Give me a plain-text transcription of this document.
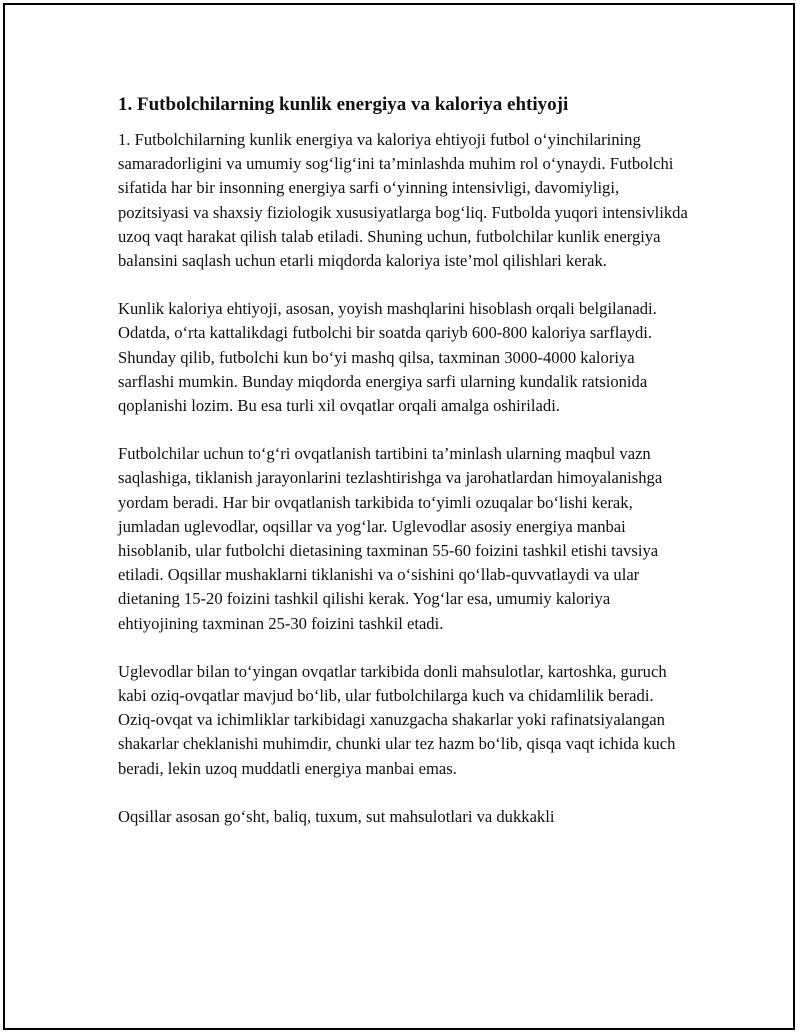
1. Futbolchilarning kunlik energiya va kaloriya ehtiyoji

1. Futbolchilarning kunlik energiya va kaloriya ehtiyoji futbol o‘yinchilarining samaradorligini va umumiy sog‘lig‘ini ta’minlashda muhim rol o‘ynaydi. Futbolchi sifatida har bir insonning energiya sarfi o‘yinning intensivligi, davomiyligi, pozitsiyasi va shaxsiy fiziologik xususiyatlarga bog‘liq. Futbolda yuqori intensivlikda uzoq vaqt harakat qilish talab etiladi. Shuning uchun, futbolchilar kunlik energiya balansini saqlash uchun etarli miqdorda kaloriya iste’mol qilishlari kerak.

Kunlik kaloriya ehtiyoji, asosan, yoyish mashqlarini hisoblash orqali belgilanadi. Odatda, o‘rta kattalikdagi futbolchi bir soatda qariyb 600-800 kaloriya sarflaydi. Shunday qilib, futbolchi kun bo‘yi mashq qilsa, taxminan 3000-4000 kaloriya sarflashi mumkin. Bunday miqdorda energiya sarfi ularning kundalik ratsionida qoplanishi lozim. Bu esa turli xil ovqatlar orqali amalga oshiriladi.

Futbolchilar uchun to‘g‘ri ovqatlanish tartibini ta’minlash ularning maqbul vazn saqlashiga, tiklanish jarayonlarini tezlashtirishga va jarohatlardan himoyalanishga yordam beradi. Har bir ovqatlanish tarkibida to‘yimli ozuqalar bo‘lishi kerak, jumladan uglevodlar, oqsillar va yog‘lar. Uglevodlar asosiy energiya manbai hisoblanib, ular futbolchi dietasining taxminan 55-60 foizini tashkil etishi tavsiya etiladi. Oqsillar mushaklarni tiklanishi va o‘sishini qo‘llab-quvvatlaydi va ular dietaning 15-20 foizini tashkil qilishi kerak. Yog‘lar esa, umumiy kaloriya ehtiyojining taxminan 25-30 foizini tashkil etadi.

Uglevodlar bilan to‘yingan ovqatlar tarkibida donli mahsulotlar, kartoshka, guruch kabi oziq-ovqatlar mavjud bo‘lib, ular futbolchilarga kuch va chidamlilik beradi. Oziq-ovqat va ichimliklar tarkibidagi xanuzgacha shakarlar yoki rafinatsiyalangan shakarlar cheklanishi muhimdir, chunki ular tez hazm bo‘lib, qisqa vaqt ichida kuch beradi, lekin uzoq muddatli energiya manbai emas.

Oqsillar asosan go‘sht, baliq, tuxum, sut mahsulotlari va dukkakli
